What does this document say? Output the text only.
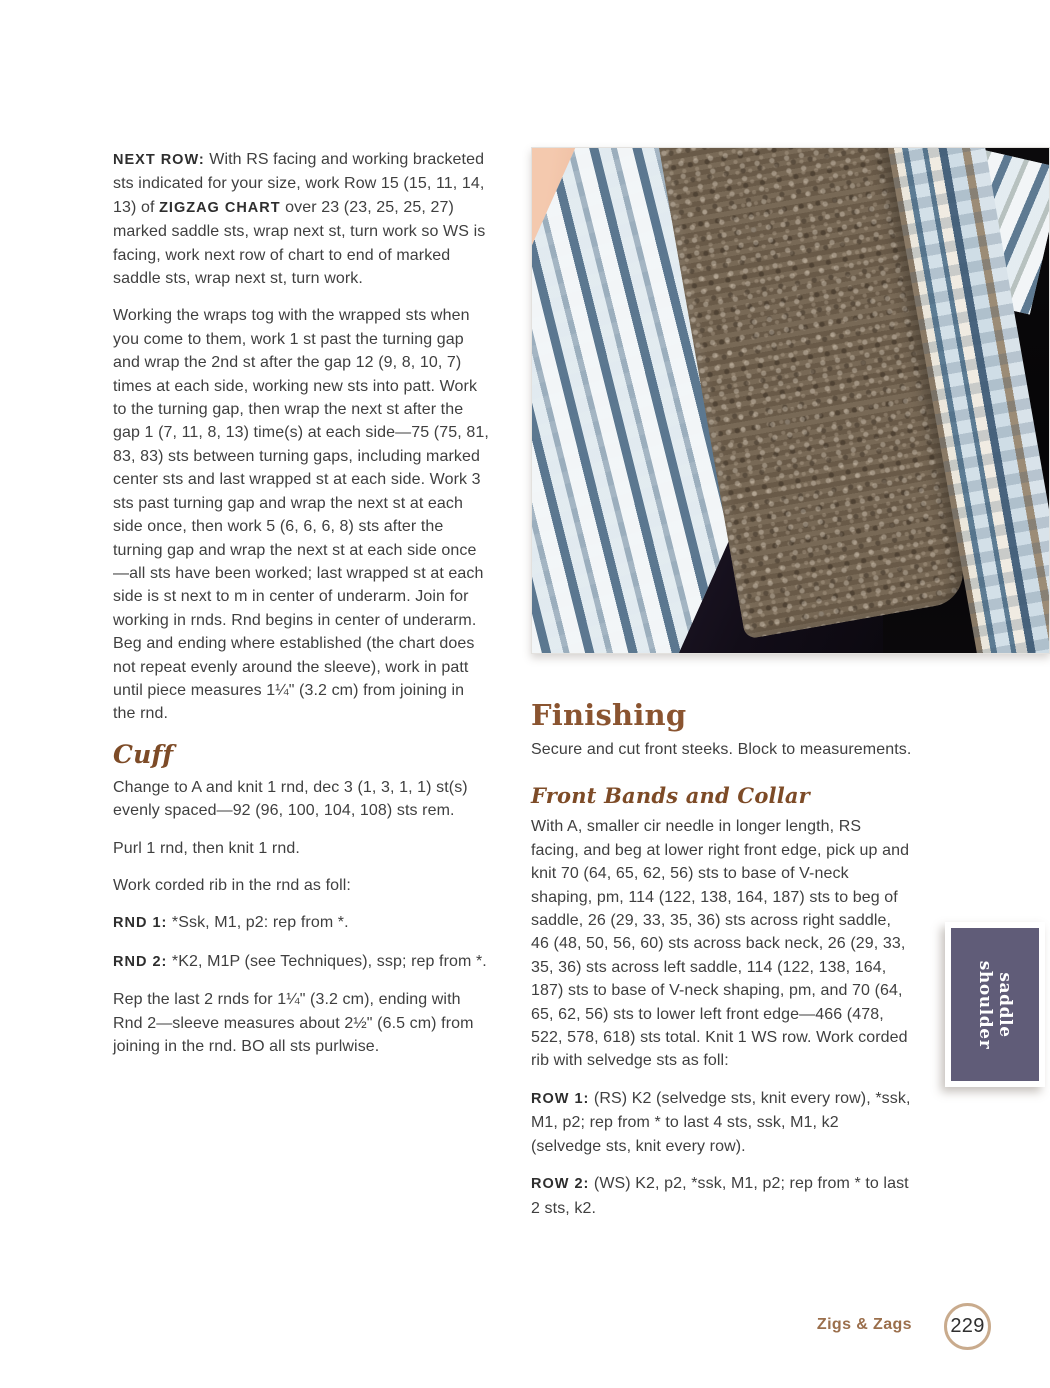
NEXT ROW: With RS facing and working bracketed sts indicated for your size, work Row 15 (15, 11, 14, 13) of ZIGZAG CHART over 23 (23, 25, 25, 27) marked saddle sts, wrap next st, turn work so WS is facing, work next row of chart to end of marked saddle sts, wrap next st, turn work.

Working the wraps tog with the wrapped sts when you come to them, work 1 st past the turning gap and wrap the 2nd st after the gap 12 (9, 8, 10, 7) times at each side, working new sts into patt. Work to the turning gap, then wrap the next st after the gap 1 (7, 11, 8, 13) time(s) at each side—75 (75, 81, 83, 83) sts between turning gaps, including marked center sts and last wrapped st at each side. Work 3 sts past turning gap and wrap the next st at each side once, then work 5 (6, 6, 6, 8) sts after the turning gap and wrap the next st at each side once—all sts have been worked; last wrapped st at each side is st next to m in center of underarm. Join for working in rnds. Rnd begins in center of underarm. Beg and ending where established (the chart does not repeat evenly around the sleeve), work in patt until piece measures 1¼" (3.2 cm) from joining in the rnd.

Cuff

Change to A and knit 1 rnd, dec 3 (1, 3, 1, 1) st(s) evenly spaced—92 (96, 100, 104, 108) sts rem.

Purl 1 rnd, then knit 1 rnd.

Work corded rib in the rnd as foll:

RND 1: *Ssk, M1, p2: rep from *.

RND 2: *K2, M1P (see Techniques), ssp; rep from *.

Rep the last 2 rnds for 1¼" (3.2 cm), ending with Rnd 2—sleeve measures about 2½" (6.5 cm) from joining in the rnd. BO all sts purlwise.

Finishing

Secure and cut front steeks. Block to measurements.

Front Bands and Collar

With A, smaller cir needle in longer length, RS facing, and beg at lower right front edge, pick up and knit 70 (64, 65, 62, 56) sts to base of V-neck shaping, pm, 114 (122, 138, 164, 187) sts to beg of saddle, 26 (29, 33, 35, 36) sts across right saddle, 46 (48, 50, 56, 60) sts across back neck, 26 (29, 33, 35, 36) sts across left saddle, 114 (122, 138, 164, 187) sts to base of V-neck shaping, pm, and 70 (64, 65, 62, 56) sts to lower left front edge—466 (478, 522, 578, 618) sts total. Knit 1 WS row. Work corded rib with selvedge sts as foll:

ROW 1: (RS) K2 (selvedge sts, knit every row), *ssk, M1, p2; rep from * to last 4 sts, ssk, M1, k2 (selvedge sts, knit every row).

ROW 2: (WS) K2, p2, *ssk, M1, p2; rep from * to last 2 sts, k2.

saddle
shoulder
Zigs & Zags 229
